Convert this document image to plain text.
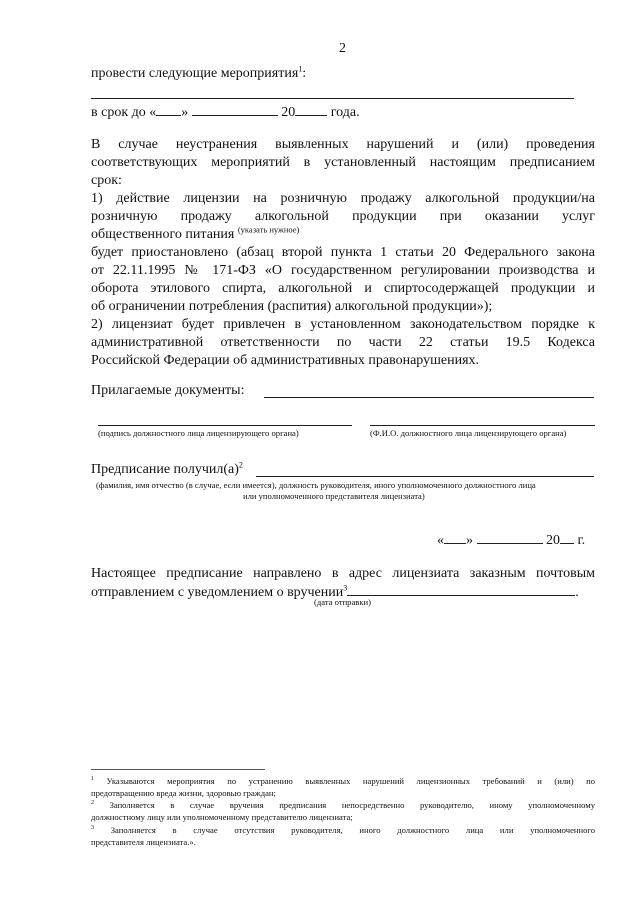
2
провести следующие мероприятия$^1$:
в срок до « »	20	года.
В случае неустранения выявленных нарушений и (или) проведения
соответствующих мероприятий в установленный настоящим предписанием
срок:
1) действие лицензии на розничную продажу алкогольной продукции/на
розничную продажу алкогольной продукции при оказании услуг
общественного питания $^{(указать нужное)}$
будет приостановлено (абзац второй пункта 1 статьи 20 Федерального закона
от 22.11.1995 № 171-ФЗ «О государственном регулировании производства и
оборота этилового спирта, алкогольной и спиртосодержащей продукции и
об ограничении потребления (распития) алкогольной продукции»);
2) лицензиат будет привлечен в установленном законодательством порядке к
административной ответственности по части 22 статьи 19.5 Кодекса
Российской Федерации об административных правонарушениях.
Прилагаемые документы:
(подпись должностного лица лицензирующего органа)	(Ф.И.О. должностного лица лицензирующего органа)
Предписание $получил(а)^2$
(фамилия, имя отчество (в случае, если имеется), должность руководителя, иного уполномоченного должностного лица
или уполномоченного представителя лицензиата)
« »	20 г.
Настоящее предписание направлено в адрес лицензиата заказным почтовым
отправлением с уведомлением о вручении$^3$	.
(дата отправки)
$^1$ Указываются мероприятия по устранению выявленных нарушений лицензионных требований и (или) по
предотвращению вреда жизни, здоровью граждан;
$^2$ Заполняется в случае вручения предписания непосредственно руководителю, иному уполномоченному
должностному лицу или уполномоченному представителю лицензиата;
$^3$ Заполняется в случае отсутствия руководителя, иного должностного лица или уполномоченного
представителя лицензиата.».
